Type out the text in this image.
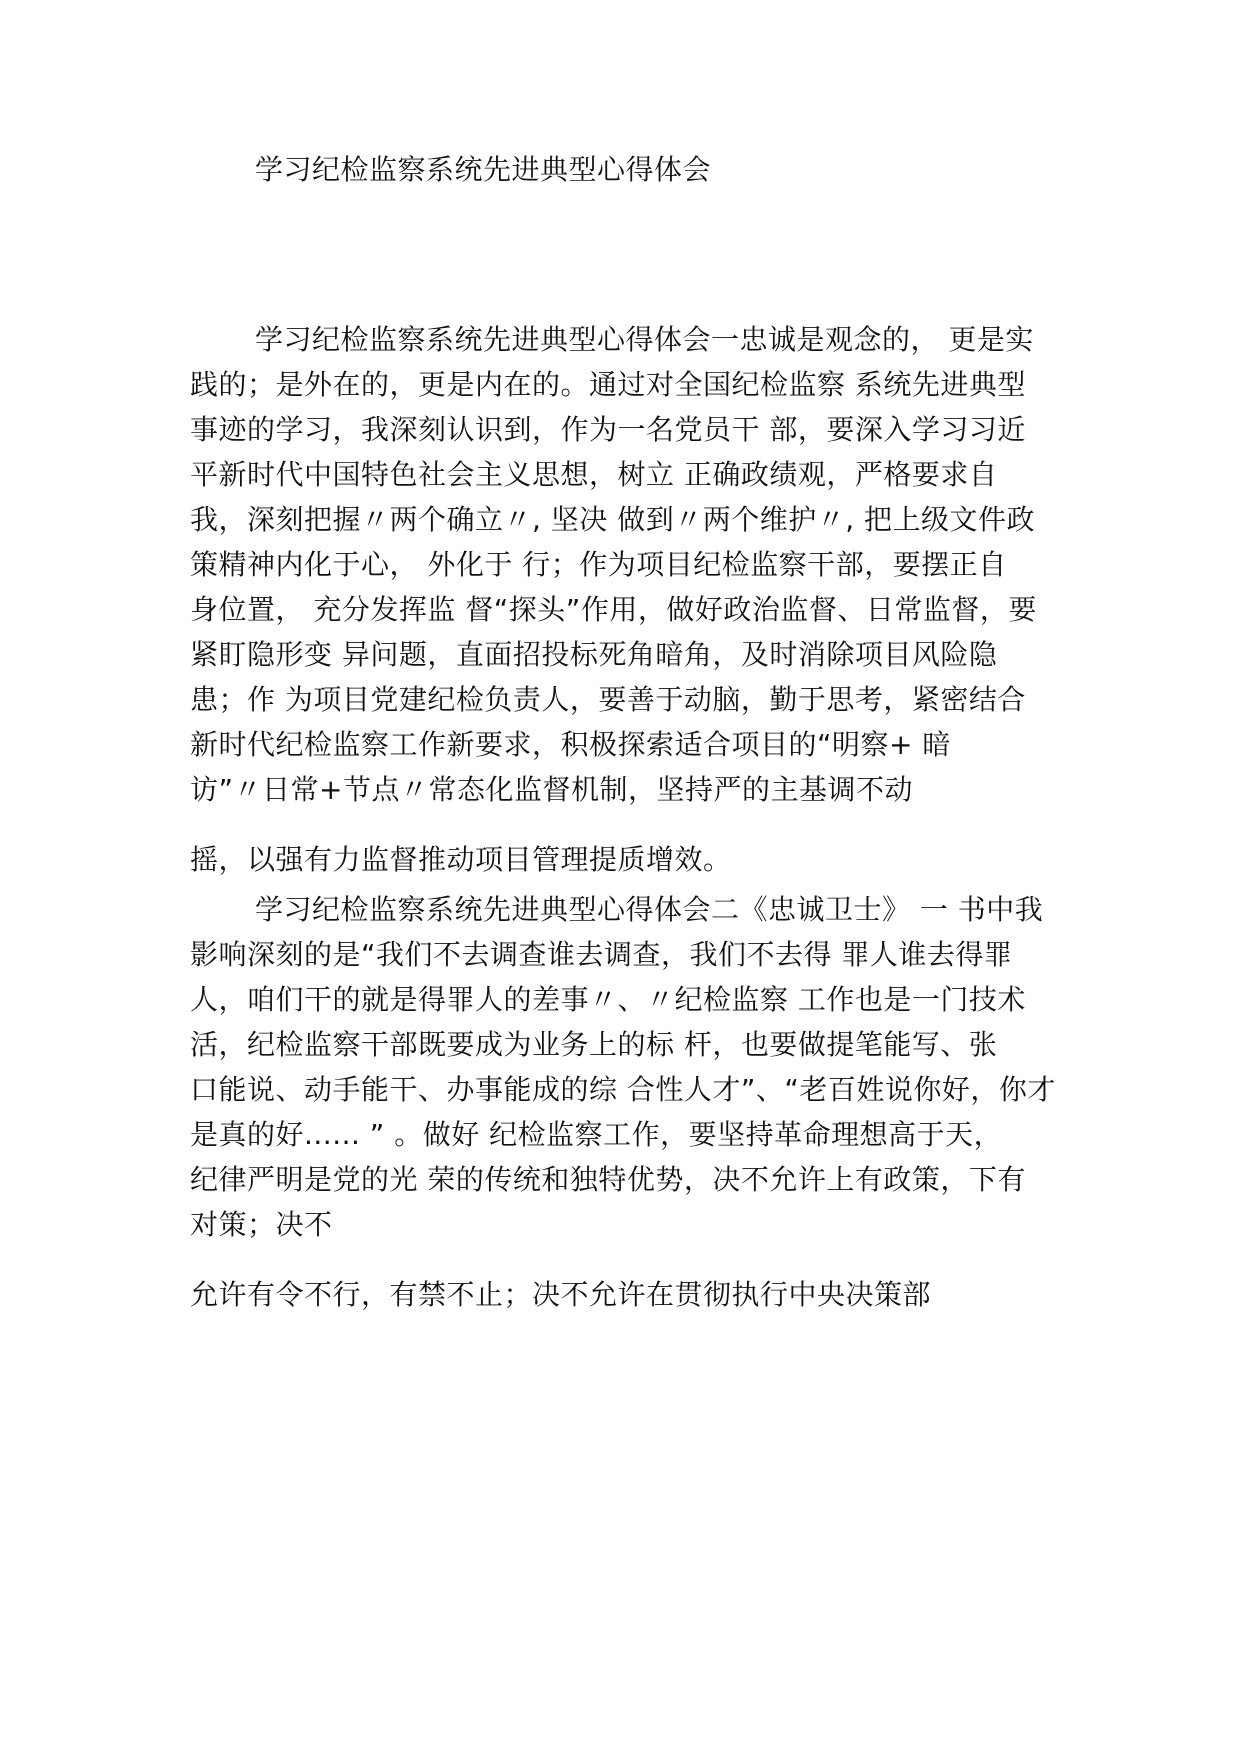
学习纪检监察系统先进典型心得体会
学习纪检监察系统先进典型心得体会一忠诚是观念的， 更是实
践的；是外在的，更是内在的。通过对全国纪检监察 系统先进典型
事迹的学习，我深刻认识到，作为一名党员干 部，要深入学习习近
平新时代中国特色社会主义思想，树立 正确政绩观，严格要求自
我，深刻把握〃两个确立〃, 坚决 做到〃两个维护〃, 把上级文件政
策精神内化于心， 外化于 行；作为项目纪检监察干部，要摆正自
身位置， 充分发挥监 督“探头”作用，做好政治监督、日常监督，要
紧盯隐形变 异问题，直面招投标死角暗角，及时消除项目风险隐
患；作 为项目党建纪检负责人，要善于动脑，勤于思考，紧密结合
新时代纪检监察工作新要求，积极探索适合项目的“明察+ 暗
访”〃日常+节点〃常态化监督机制，坚持严的主基调不动
摇，以强有力监督推动项目管理提质增效。
学习纪检监察系统先进典型心得体会二《忠诚卫士》 一 书中我
影响深刻的是“我们不去调查谁去调查，我们不去得 罪人谁去得罪
人，咱们干的就是得罪人的差事〃、〃纪检监察 工作也是一门技术
活，纪检监察干部既要成为业务上的标 杆，也要做提笔能写、张
口能说、动手能干、办事能成的综 合性人才”、“老百姓说你好，你才
是真的好...... ” 。做好 纪检监察工作，要坚持革命理想高于天，
纪律严明是党的光 荣的传统和独特优势，决不允许上有政策，下有
对策；决不
允许有令不行，有禁不止；决不允许在贯彻执行中央决策部
